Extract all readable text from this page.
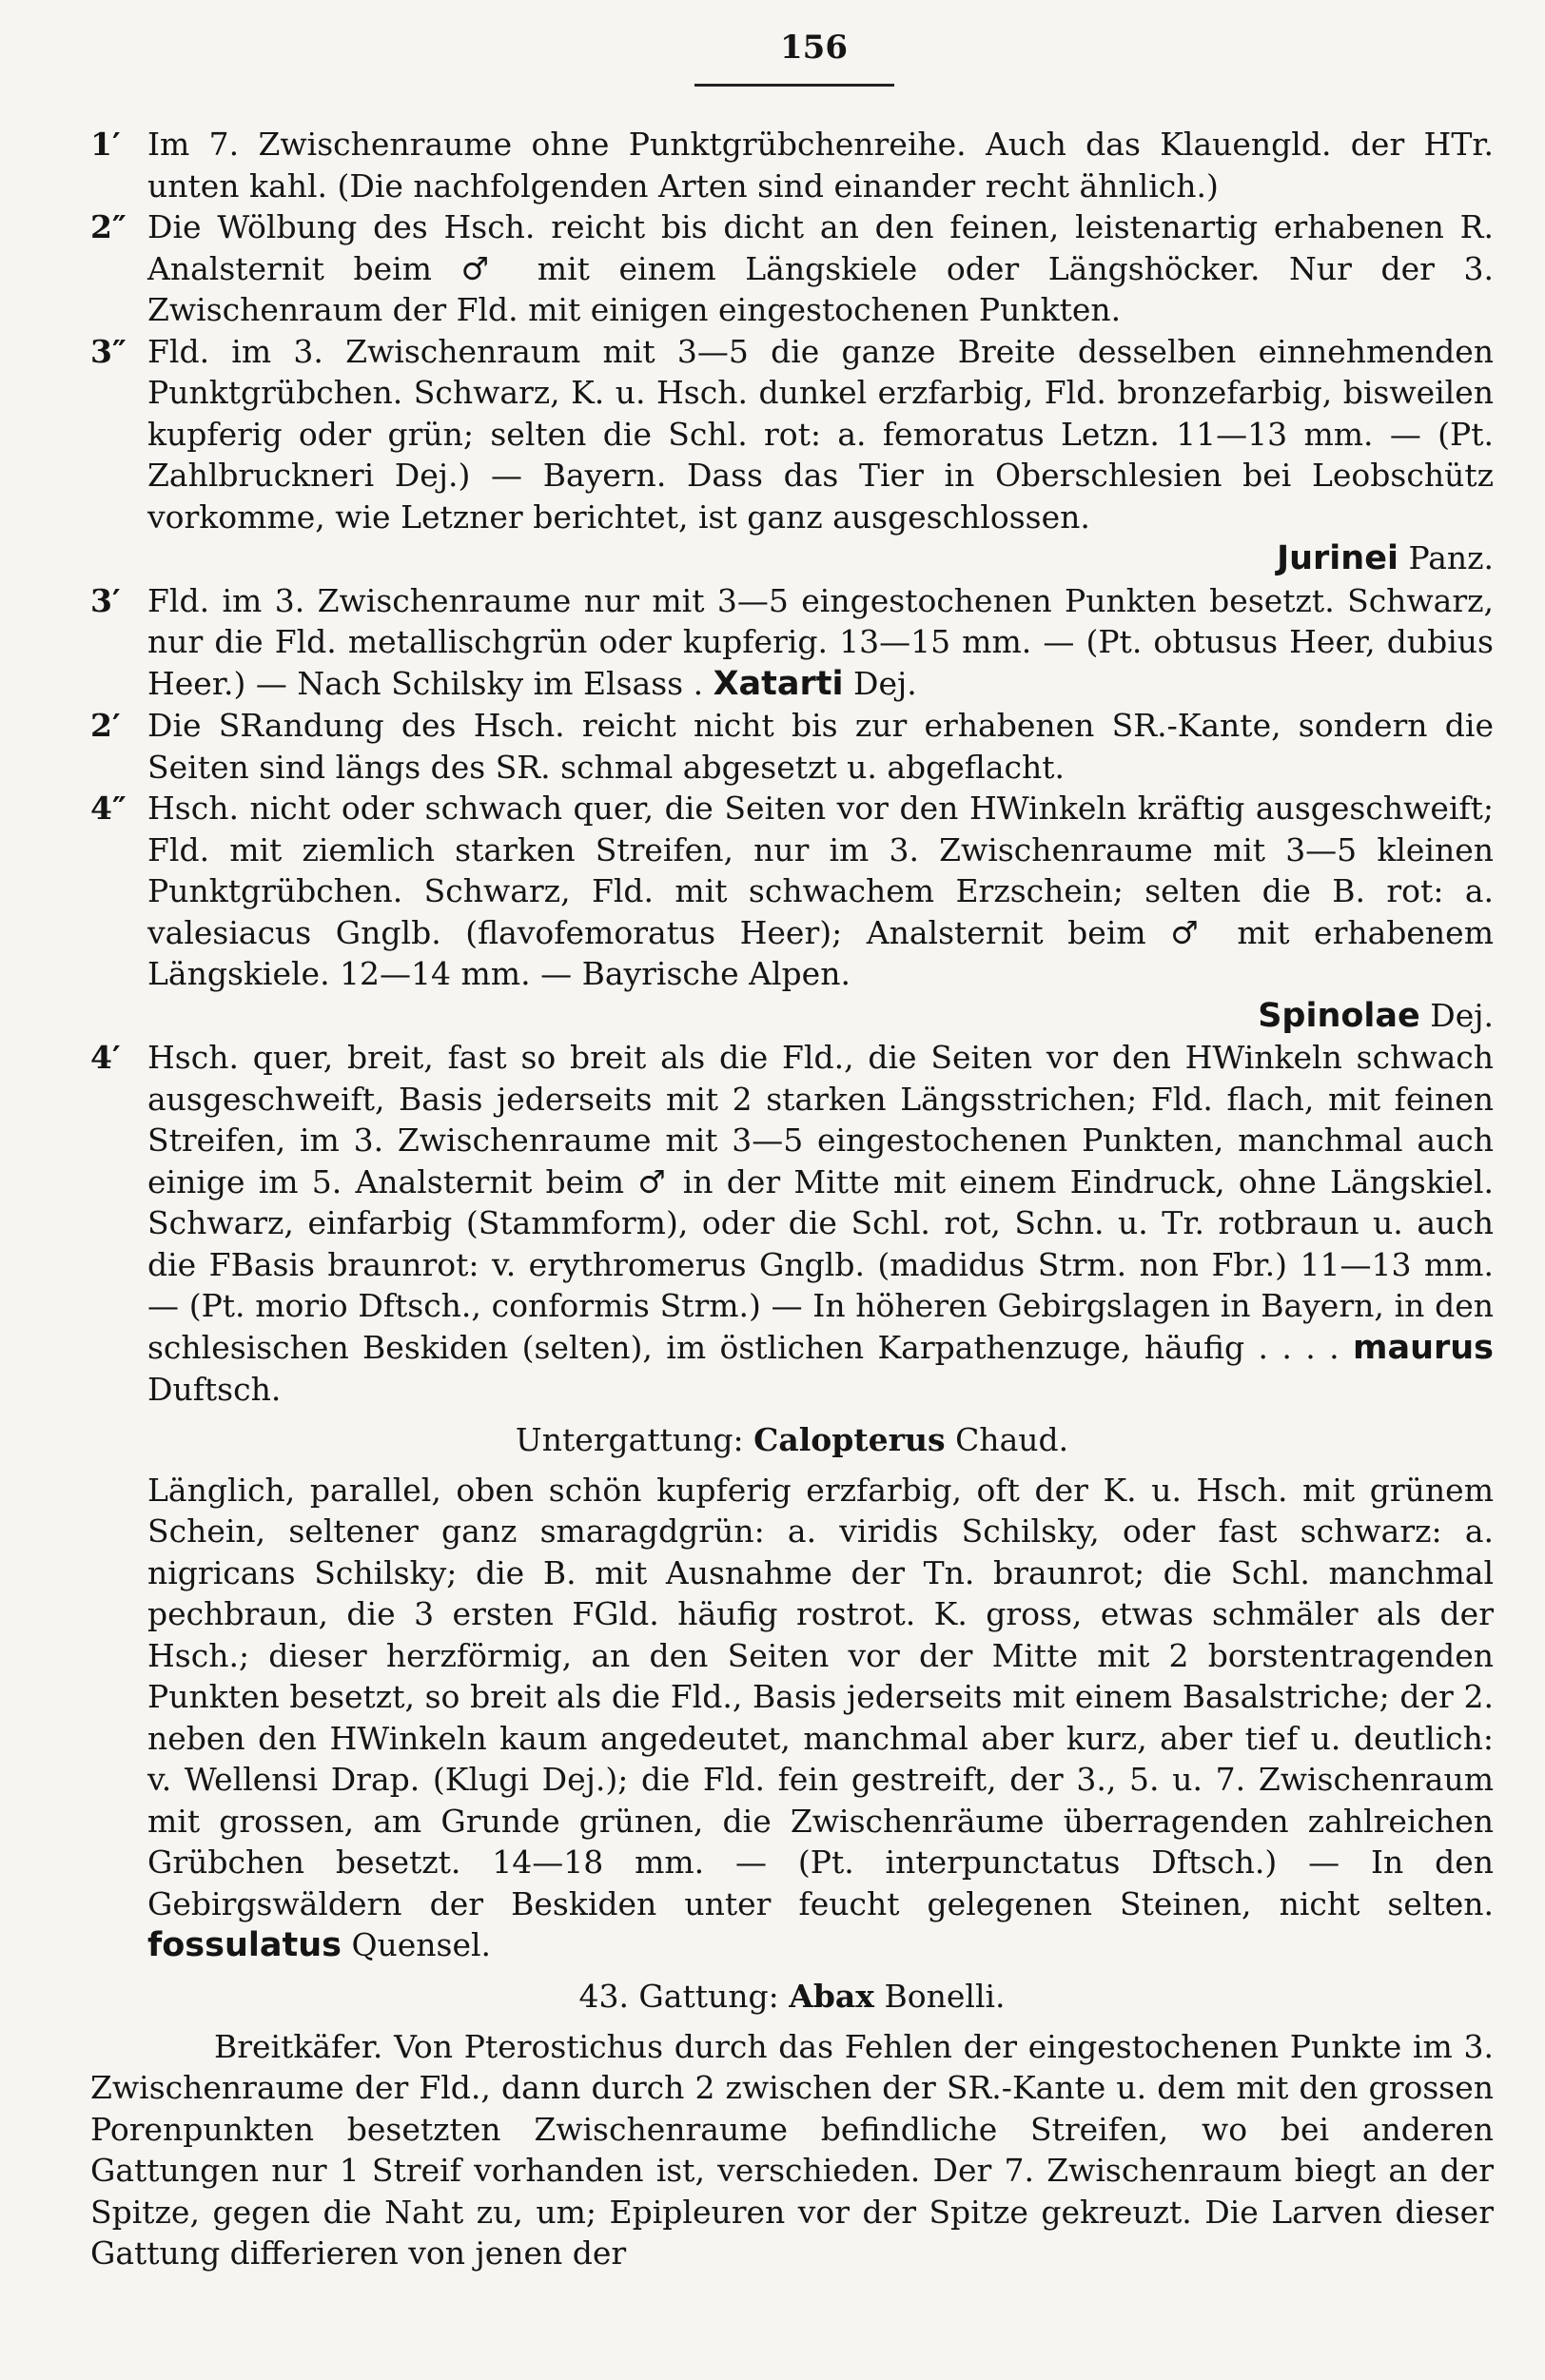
156
1′ Im 7. Zwischenraume ohne Punktgrübchenreihe. Auch das Klauengld. der HTr. unten kahl. (Die nachfolgenden Arten sind einander recht ähnlich.)
2″ Die Wölbung des Hsch. reicht bis dicht an den feinen, leistenartig erhabenen R. Analsternit beim ♂ mit einem Längskiele oder Längshöcker. Nur der 3. Zwischenraum der Fld. mit einigen eingestochenen Punkten.
3″ Fld. im 3. Zwischenraum mit 3—5 die ganze Breite desselben einnehmenden Punktgrübchen. Schwarz, K. u. Hsch. dunkel erzfarbig, Fld. bronzefarbig, bisweilen kupferig oder grün; selten die Schl. rot: a. femoratus Letzn. 11—13 mm. — (Pt. Zahlbruckneri Dej.) — Bayern. Dass das Tier in Oberschlesien bei Leobschütz vorkomme, wie Letzner berichtet, ist ganz ausgeschlossen.
Jurinei Panz.
3′ Fld. im 3. Zwischenraume nur mit 3—5 eingestochenen Punkten besetzt. Schwarz, nur die Fld. metallischgrün oder kupferig. 13—15 mm. — (Pt. obtusus Heer, dubius Heer.) — Nach Schilsky im Elsass . Xatarti Dej.
2′ Die SRandung des Hsch. reicht nicht bis zur erhabenen SR.-Kante, sondern die Seiten sind längs des SR. schmal abgesetzt u. abgeflacht.
4″ Hsch. nicht oder schwach quer, die Seiten vor den HWinkeln kräftig ausgeschweift; Fld. mit ziemlich starken Streifen, nur im 3. Zwischenraume mit 3—5 kleinen Punktgrübchen. Schwarz, Fld. mit schwachem Erzschein; selten die B. rot: a. valesiacus Gnglb. (flavofemoratus Heer); Analsternit beim ♂ mit erhabenem Längskiele. 12—14 mm. — Bayrische Alpen.
Spinolae Dej.
4′ Hsch. quer, breit, fast so breit als die Fld., die Seiten vor den HWinkeln schwach ausgeschweift, Basis jederseits mit 2 starken Längsstrichen; Fld. flach, mit feinen Streifen, im 3. Zwischenraume mit 3—5 eingestochenen Punkten, manchmal auch einige im 5. Analsternit beim ♂ in der Mitte mit einem Eindruck, ohne Längskiel. Schwarz, einfarbig (Stammform), oder die Schl. rot, Schn. u. Tr. rotbraun u. auch die FBasis braunrot: v. erythromerus Gnglb. (madidus Strm. non Fbr.) 11—13 mm. — (Pt. morio Dftsch., conformis Strm.) — In höheren Gebirgslagen in Bayern, in den schlesischen Beskiden (selten), im östlichen Karpathenzuge, häufig . . . . maurus Duftsch.
Untergattung: Calopterus Chaud.
Länglich, parallel, oben schön kupferig erzfarbig, oft der K. u. Hsch. mit grünem Schein, seltener ganz smaragdgrün: a. viridis Schilsky, oder fast schwarz: a. nigricans Schilsky; die B. mit Ausnahme der Tn. braunrot; die Schl. manchmal pechbraun, die 3 ersten FGld. häufig rostrot. K. gross, etwas schmäler als der Hsch.; dieser herzförmig, an den Seiten vor der Mitte mit 2 borstentragenden Punkten besetzt, so breit als die Fld., Basis jederseits mit einem Basalstriche; der 2. neben den HWinkeln kaum angedeutet, manchmal aber kurz, aber tief u. deutlich: v. Wellensi Drap. (Klugi Dej.); die Fld. fein gestreift, der 3., 5. u. 7. Zwischenraum mit grossen, am Grunde grünen, die Zwischenräume überragenden zahlreichen Grübchen besetzt. 14—18 mm. — (Pt. interpunctatus Dftsch.) — In den Gebirgswäldern der Beskiden unter feucht gelegenen Steinen, nicht selten. fossulatus Quensel.
43. Gattung: Abax Bonelli.
Breitkäfer. Von Pterostichus durch das Fehlen der eingestochenen Punkte im 3. Zwischenraume der Fld., dann durch 2 zwischen der SR.-Kante u. dem mit den grossen Porenpunkten besetzten Zwischenraume befindliche Streifen, wo bei anderen Gattungen nur 1 Streif vorhanden ist, verschieden. Der 7. Zwischenraum biegt an der Spitze, gegen die Naht zu, um; Epipleuren vor der Spitze gekreuzt. Die Larven dieser Gattung differieren von jenen der
